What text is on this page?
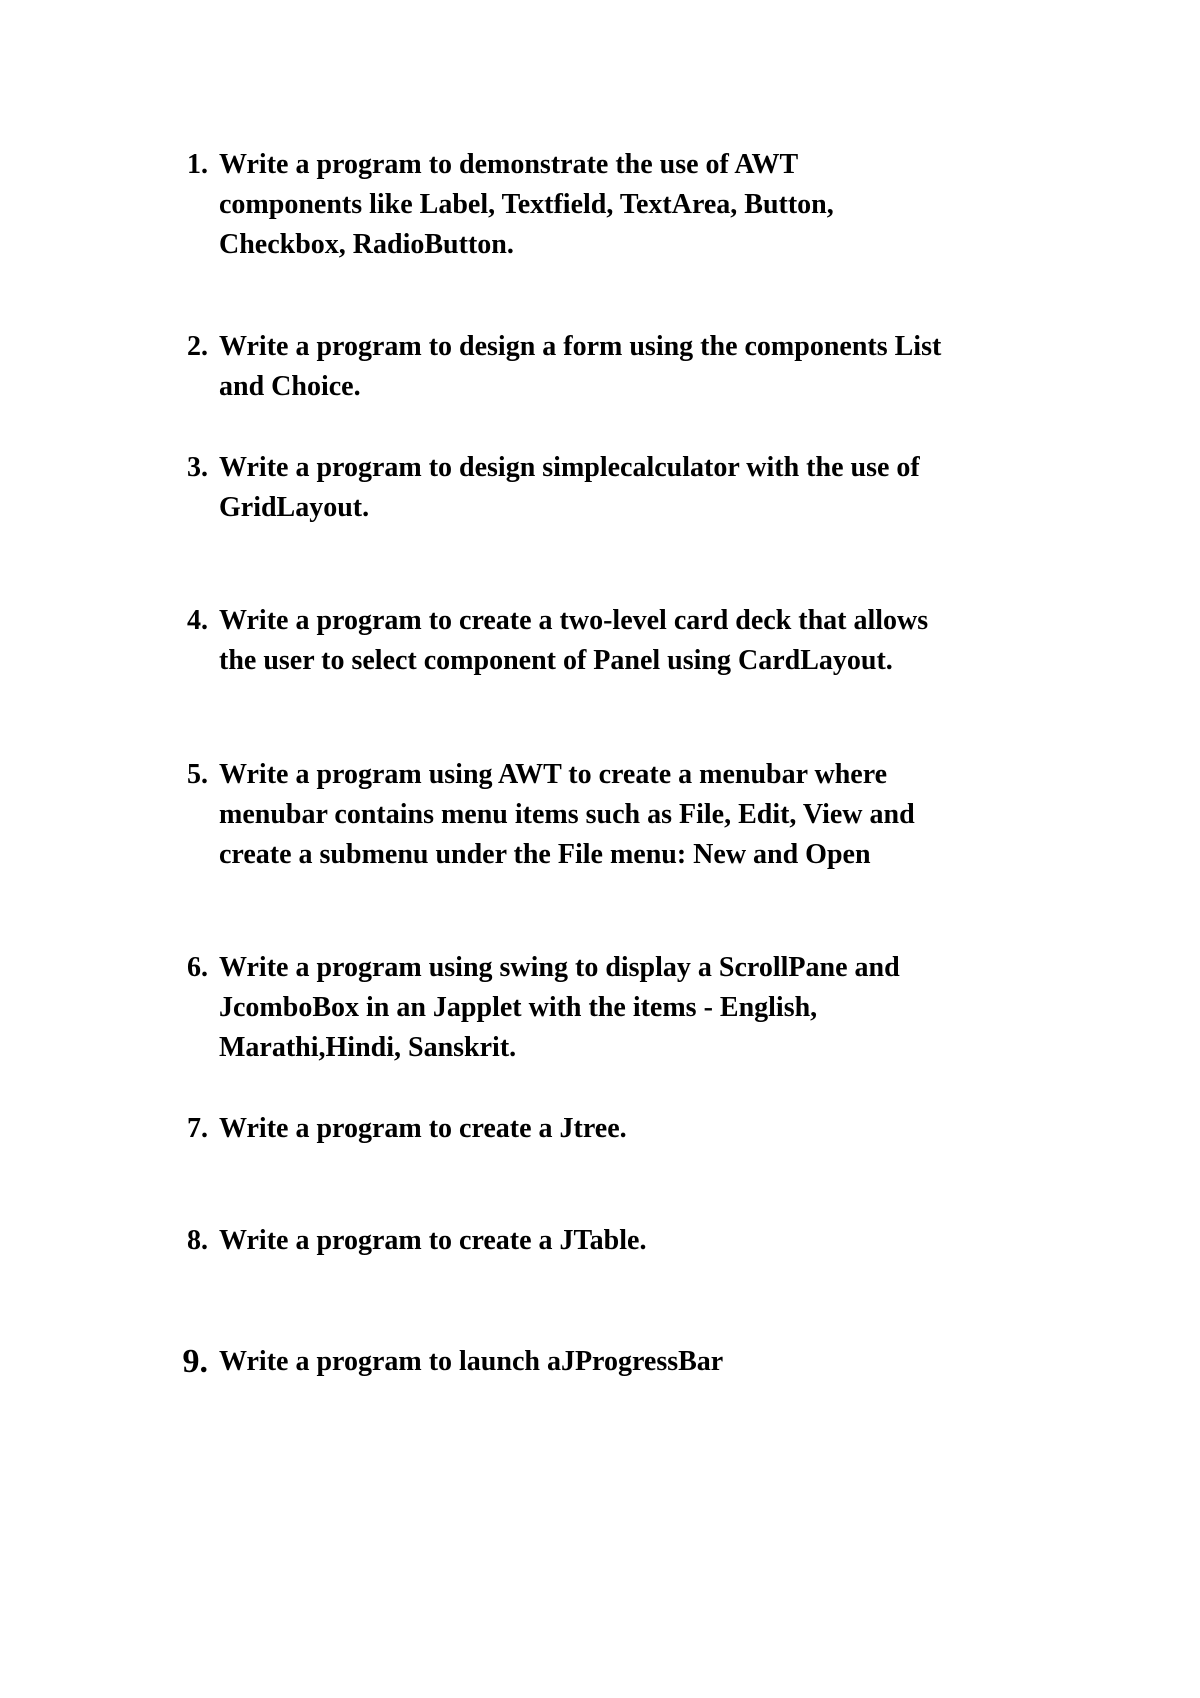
1. Write a program to demonstrate the use of AWT
components like Label, Textfield, TextArea, Button,
Checkbox, RadioButton.
2. Write a program to design a form using the components List
and Choice.
3. Write a program to design simplecalculator with the use of
GridLayout.
4. Write a program to create a two-level card deck that allows
the user to select component of Panel using CardLayout.
5. Write a program using AWT to create a menubar where
menubar contains menu items such as File, Edit, View and
create a submenu under the File menu: New and Open
6. Write a program using swing to display a ScrollPane and
JcomboBox in an Japplet with the items - English,
Marathi,Hindi, Sanskrit.
7. Write a program to create a Jtree.
8. Write a program to create a JTable.
9. Write a program to launch aJProgressBar
